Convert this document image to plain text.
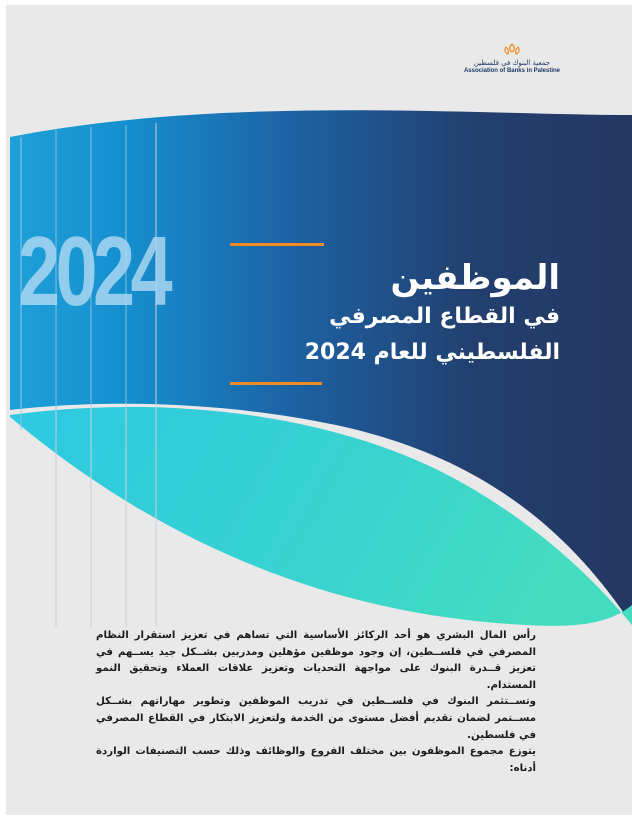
2024
جمعية البنوك في فلسطين
Association of Banks in Palestine
الموظفين
في القطاع المصرفي
الفلسطيني للعام 2024

رأس المال البشري هو أحد الركائز الأساسية التي تساهم في تعزيز استقرار النظام المصرفي في فلســطين، إن وجود موظفين مؤهلين ومدربين بشــكل جيد يســهم في تعزيز قــدرة البنوك على مواجهة التحديات وتعزيز علاقات العملاء وتحقيق النمو المستدام.

وتســتثمر البنوك في فلســطين في تدريب الموظفين وتطوير مهاراتهم بشــكل مســتمر لضمان تقديم أفضل مستوى من الخدمة ولتعزيز الابتكار في القطاع المصرفي في فلسطين.

يتوزع مجموع الموظفون بين مختلف الفروع والوظائف وذلك حسب التصنيفات الواردة أدناه:
